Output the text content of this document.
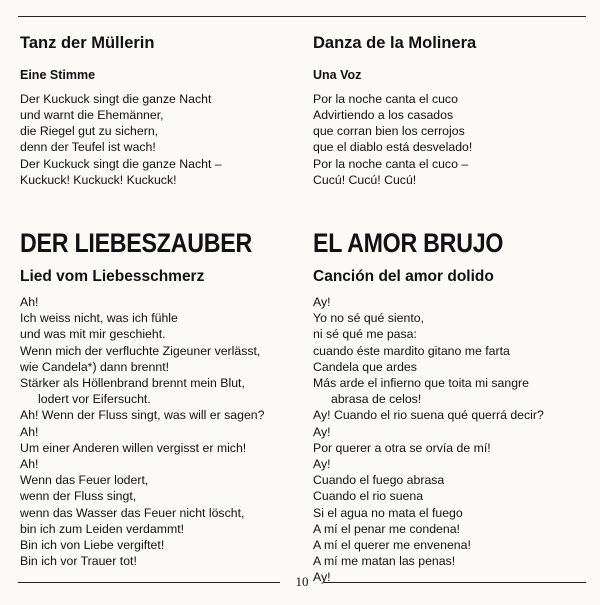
Tanz der Müllerin
Eine Stimme
Der Kuckuck singt die ganze Nacht
und warnt die Ehemänner,
die Riegel gut zu sichern,
denn der Teufel ist wach!
Der Kuckuck singt die ganze Nacht –
Kuckuck! Kuckuck! Kuckuck!
Danza de la Molinera
Una Voz
Por la noche canta el cuco
Advirtiendo a los casados
que corran bien los cerrojos
que el diablo está desvelado!
Por la noche canta el cuco –
Cucú! Cucú! Cucú!
DER LIEBESZAUBER EL AMOR BRUJO
Lied vom Liebesschmerz	Canción del amor dolido
Ah!
Ich weiss nicht, was ich fühle
und was mit mir geschieht.
Wenn mich der verfluchte Zigeuner verlässt,
wie Candela*) dann brennt!
Stärker als Höllenbrand brennt mein Blut,
lodert vor Eifersucht.
Ah! Wenn der Fluss singt, was will er sagen?
Ah!
Um einer Anderen willen vergisst er mich!
Ah!
Wenn das Feuer lodert,
wenn der Fluss singt,
wenn das Wasser das Feuer nicht löscht,
bin ich zum Leiden verdammt!
Bin ich von Liebe vergiftet!
Bin ich vor Trauer tot!
Ay!
Yo no sé qué siento,
ni sé qué me pasa:
cuando éste mardito gitano me farta
Candela que ardes
Más arde el infierno que toita mi sangre
abrasa de celos!
Ay! Cuando el rio suena qué querrá decir?
Ay!
Por querer a otra se orvía de mí!
Ay!
Cuando el fuego abrasa
Cuando el rio suena
Si el agua no mata el fuego
A mí el penar me condena!
A mí el querer me envenena!
A mí me matan las penas!
Ay!
10
